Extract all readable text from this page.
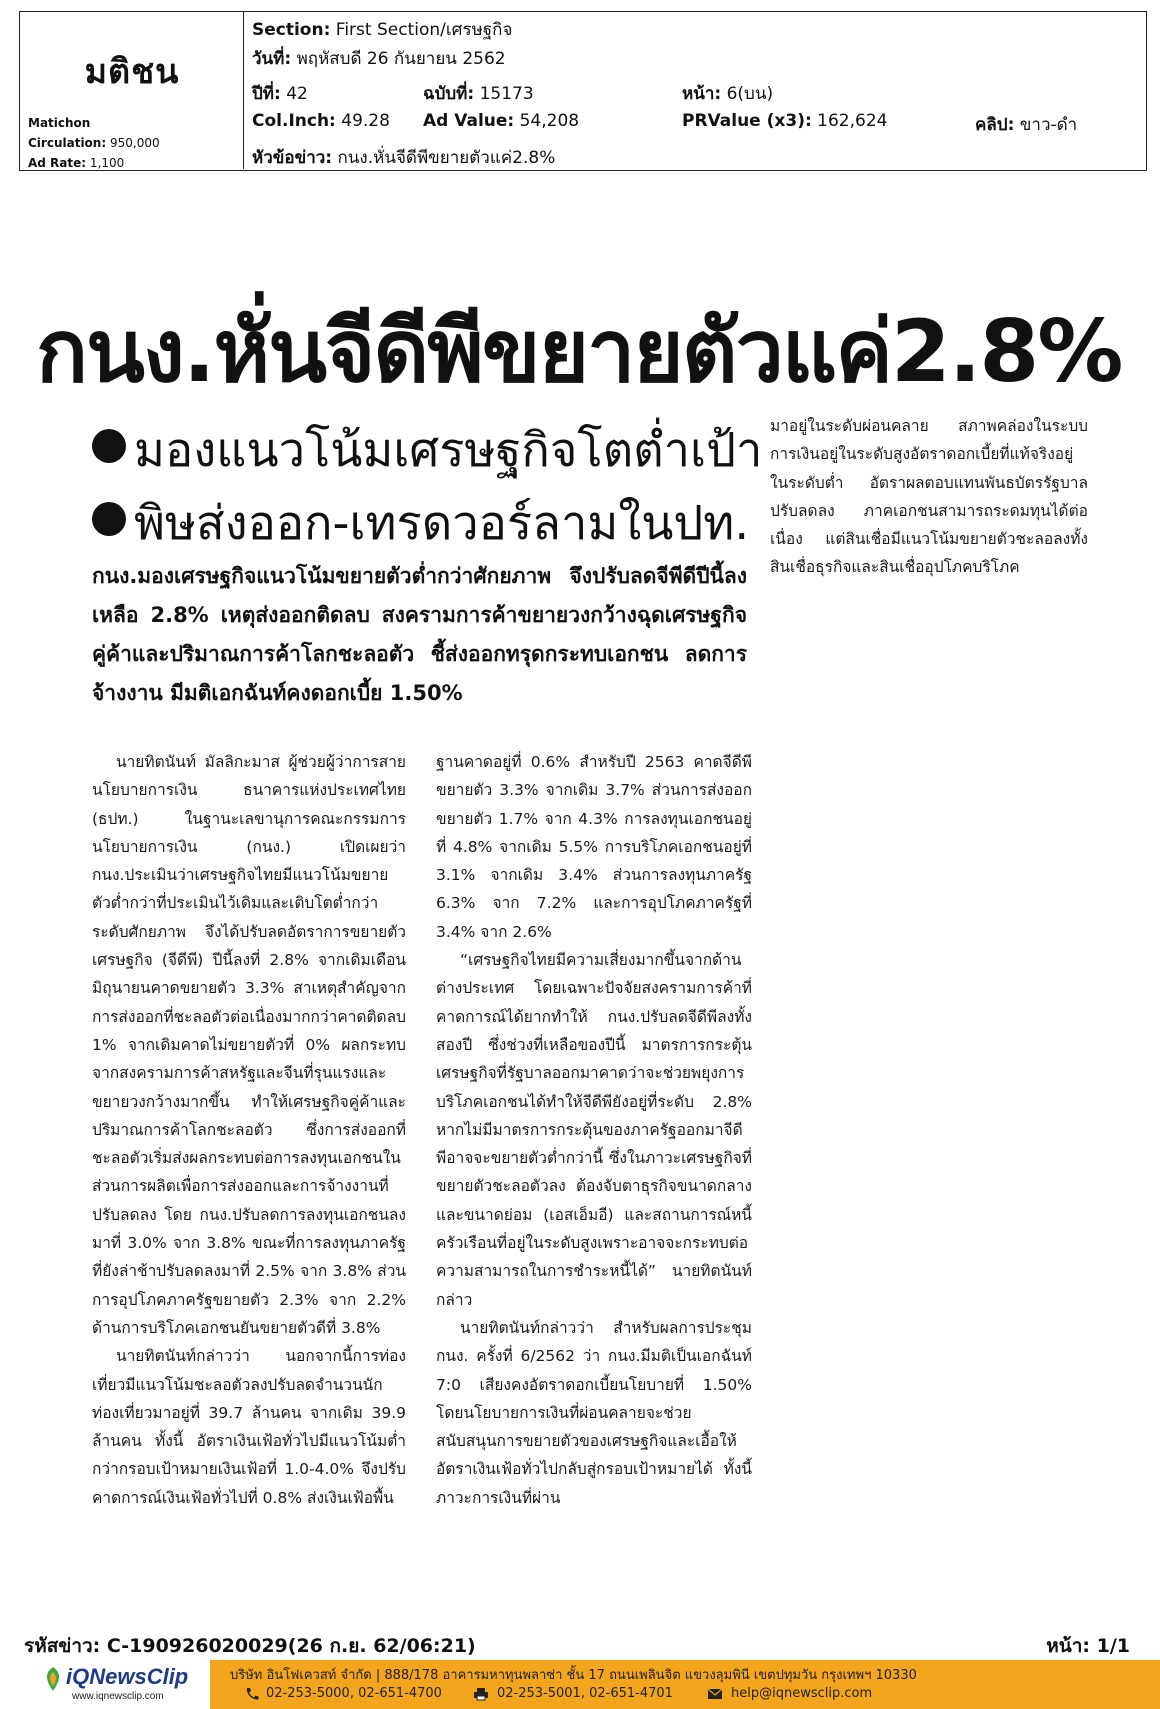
มติชน
Matichon
Circulation: 950,000
Ad Rate: 1,100
Section: First Section/เศรษฐกิจ
วันที่: พฤหัสบดี 26 กันยายน 2562
ปีที่: 42	ฉบับที่: 15173	หน้า: 6(บน)
Col.Inch: 49.28 Ad Value: 54,208	PRValue (x3): 162,624	คลิป: ขาว-ดำ
หัวข้อข่าว: กนง.หั่นจีดีพีขยายตัวแค่2.8%
กนง.หั่นจีดีพีขยายตัวแค่2.8%
มองแนวโน้มเศรษฐกิจโตต่ำเป้า
พิษส่งออก-เทรดวอร์ลามในปท.
กนง.มองเศรษฐกิจแนวโน้มขยายตัวต่ำกว่าศักยภาพ จึงปรับลดจีพีดีปีนี้ลงเหลือ 2.8% เหตุส่งออกติดลบ สงครามการค้าขยายวงกว้างฉุดเศรษฐกิจคู่ค้าและปริมาณการค้าโลกชะลอตัว ชี้ส่งออกทรุดกระทบเอกชน ลดการจ้างงาน มีมติเอกฉันท์คงดอกเบี้ย 1.50%

นายทิตนันท์ มัลลิกะมาส ผู้ช่วยผู้ว่าการสายนโยบายการเงิน ธนาคารแห่งประเทศไทย (ธปท.) ในฐานะเลขานุการคณะกรรมการนโยบายการเงิน (กนง.) เปิดเผยว่า กนง.ประเมินว่าเศรษฐกิจไทยมีแนวโน้มขยายตัวต่ำกว่าที่ประเมินไว้เดิมและเติบโตต่ำกว่าระดับศักยภาพ จึงได้ปรับลดอัตราการขยายตัวเศรษฐกิจ (จีดีพี) ปีนี้ลงที่ 2.8% จากเดิมเดือนมิถุนายนคาดขยายตัว 3.3% สาเหตุสำคัญจากการส่งออกที่ชะลอตัวต่อเนื่องมากกว่าคาดติดลบ 1% จากเดิมคาดไม่ขยายตัวที่ 0% ผลกระทบจากสงครามการค้าสหรัฐและจีนที่รุนแรงและขยายวงกว้างมากขึ้น ทำให้เศรษฐกิจคู่ค้าและปริมาณการค้าโลกชะลอตัว ซึ่งการส่งออกที่ชะลอตัวเริ่มส่งผลกระทบต่อการลงทุนเอกชนในส่วนการผลิตเพื่อการส่งออกและการจ้างงานที่ปรับลดลง โดย กนง.ปรับลดการลงทุนเอกชนลงมาที่ 3.0% จาก 3.8% ขณะที่การลงทุนภาครัฐที่ยังล่าช้าปรับลดลงมาที่ 2.5% จาก 3.8% ส่วนการอุปโภคภาครัฐขยายตัว 2.3% จาก 2.2% ด้านการบริโภคเอกชนยันขยายตัวดีที่ 3.8%

นายทิตนันท์กล่าวว่า นอกจากนี้การท่องเที่ยวมีแนวโน้มชะลอตัวลงปรับลดจำนวนนักท่องเที่ยวมาอยู่ที่ 39.7 ล้านคน จากเดิม 39.9 ล้านคน ทั้งนี้ อัตราเงินเฟ้อทั่วไปมีแนวโน้มต่ำกว่ากรอบเป้าหมายเงินเฟ้อที่ 1.0-4.0% จึงปรับคาดการณ์เงินเฟ้อทั่วไปที่ 0.8% ส่งเงินเฟ้อพื้น

ฐานคาดอยู่ที่ 0.6% สำหรับปี 2563 คาดจีดีพีขยายตัว 3.3% จากเดิม 3.7% ส่วนการส่งออกขยายตัว 1.7% จาก 4.3% การลงทุนเอกชนอยู่ที่ 4.8% จากเดิม 5.5% การบริโภคเอกชนอยู่ที่ 3.1% จากเดิม 3.4% ส่วนการลงทุนภาครัฐ 6.3% จาก 7.2% และการอุปโภคภาครัฐที่ 3.4% จาก 2.6%

“เศรษฐกิจไทยมีความเสี่ยงมากขึ้นจากด้านต่างประเทศ โดยเฉพาะปัจจัยสงครามการค้าที่คาดการณ์ได้ยากทำให้ กนง.ปรับลดจีดีพีลงทั้งสองปี ซึ่งช่วงที่เหลือของปีนี้ มาตรการกระตุ้นเศรษฐกิจที่รัฐบาลออกมาคาดว่าจะช่วยพยุงการบริโภคเอกชนได้ทำให้จีดีพียังอยู่ที่ระดับ 2.8% หากไม่มีมาตรการกระตุ้นของภาครัฐออกมาจีดีพีอาจจะขยายตัวต่ำกว่านี้ ซึ่งในภาวะเศรษฐกิจที่ขยายตัวชะลอตัวลง ต้องจับตาธุรกิจขนาดกลางและขนาดย่อม (เอสเอ็มอี) และสถานการณ์หนี้ครัวเรือนที่อยู่ในระดับสูงเพราะอาจจะกระทบต่อความสามารถในการชำระหนี้ได้” นายทิตนันท์กล่าว

นายทิตนันท์กล่าวว่า สำหรับผลการประชุม กนง. ครั้งที่ 6/2562 ว่า กนง.มีมติเป็นเอกฉันท์ 7:0 เสียงคงอัตราดอกเบี้ยนโยบายที่ 1.50% โดยนโยบายการเงินที่ผ่อนคลายจะช่วยสนับสนุนการขยายตัวของเศรษฐกิจและเอื้อให้อัตราเงินเฟ้อทั่วไปกลับสู่กรอบเป้าหมายได้ ทั้งนี้ ภาวะการเงินที่ผ่าน

มาอยู่ในระดับผ่อนคลาย สภาพคล่องในระบบการเงินอยู่ในระดับสูงอัตราดอกเบี้ยที่แท้จริงอยู่ในระดับต่ำ อัตราผลตอบแทนพันธบัตรรัฐบาลปรับลดลง ภาคเอกชนสามารถระดมทุนได้ต่อเนื่อง แต่สินเชื่อมีแนวโน้มขยายตัวชะลอลงทั้งสินเชื่อธุรกิจและสินเชื่ออุปโภคบริโภค

รหัสข่าว: C-190926020029(26 ก.ย. 62/06:21)	หน้า: 1/1
iQNewsClip
www.iqnewsclip.com
บริษัท อินโฟเควสท์ จำกัด | 888/178 อาคารมหาทุนพลาซ่า ชั้น 17 ถนนเพลินจิต แขวงลุมพินี เขตปทุมวัน กรุงเทพฯ 10330
02-253-5000, 02-651-4700	02-253-5001, 02-651-4701	help@iqnewsclip.com
